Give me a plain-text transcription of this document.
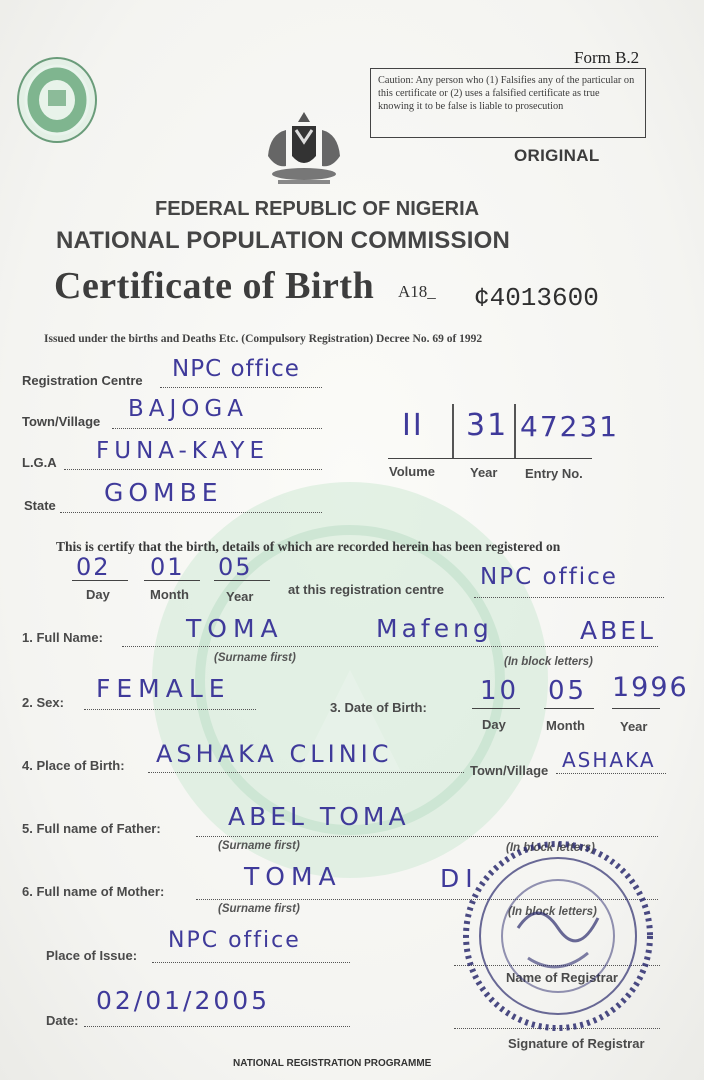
Form B.2
Caution: Any person who (1) Falsifies any of the particular on this certificate or (2) uses a falsified certificate as true knowing it to be false is liable to prosecution
ORIGINAL
FEDERAL REPUBLIC OF NIGERIA
NATIONAL POPULATION COMMISSION
Certificate of Birth A18_ ¢4013600
Issued under the births and Deaths Etc. (Compulsory Registration) Decree No. 69 of 1992
Registration Centre NPC office
Town/Village BAJOGA
L.G.A FUNA-KAYE
State GOMBE
II 31 47231
Volume	Year Entry No.
This is certify that the birth, details of which are recorded herein has been registered on
02 01 05
Day	Month	Year	at this registration centre NPC office
1. Full Name:	TOMA	Mafeng	ABEL
(Surname first)	(In block letters)
2. Sex: FEMALE
3. Date of Birth:
10 05 1996
Day	Month	Year
4. Place of Birth: ASHAKA CLINIC
Town/Village ASHAKA
5. Full name of Father:	ABEL TOMA
(Surname first)	(In block letters)
6. Full name of Mother:
TOMA	DI
(Surname first)	(In block letters)
Place of Issue:
NPC office
Date:
02/01/2005
Name of Registrar
Signature of Registrar
NATIONAL REGISTRATION PROGRAMME
